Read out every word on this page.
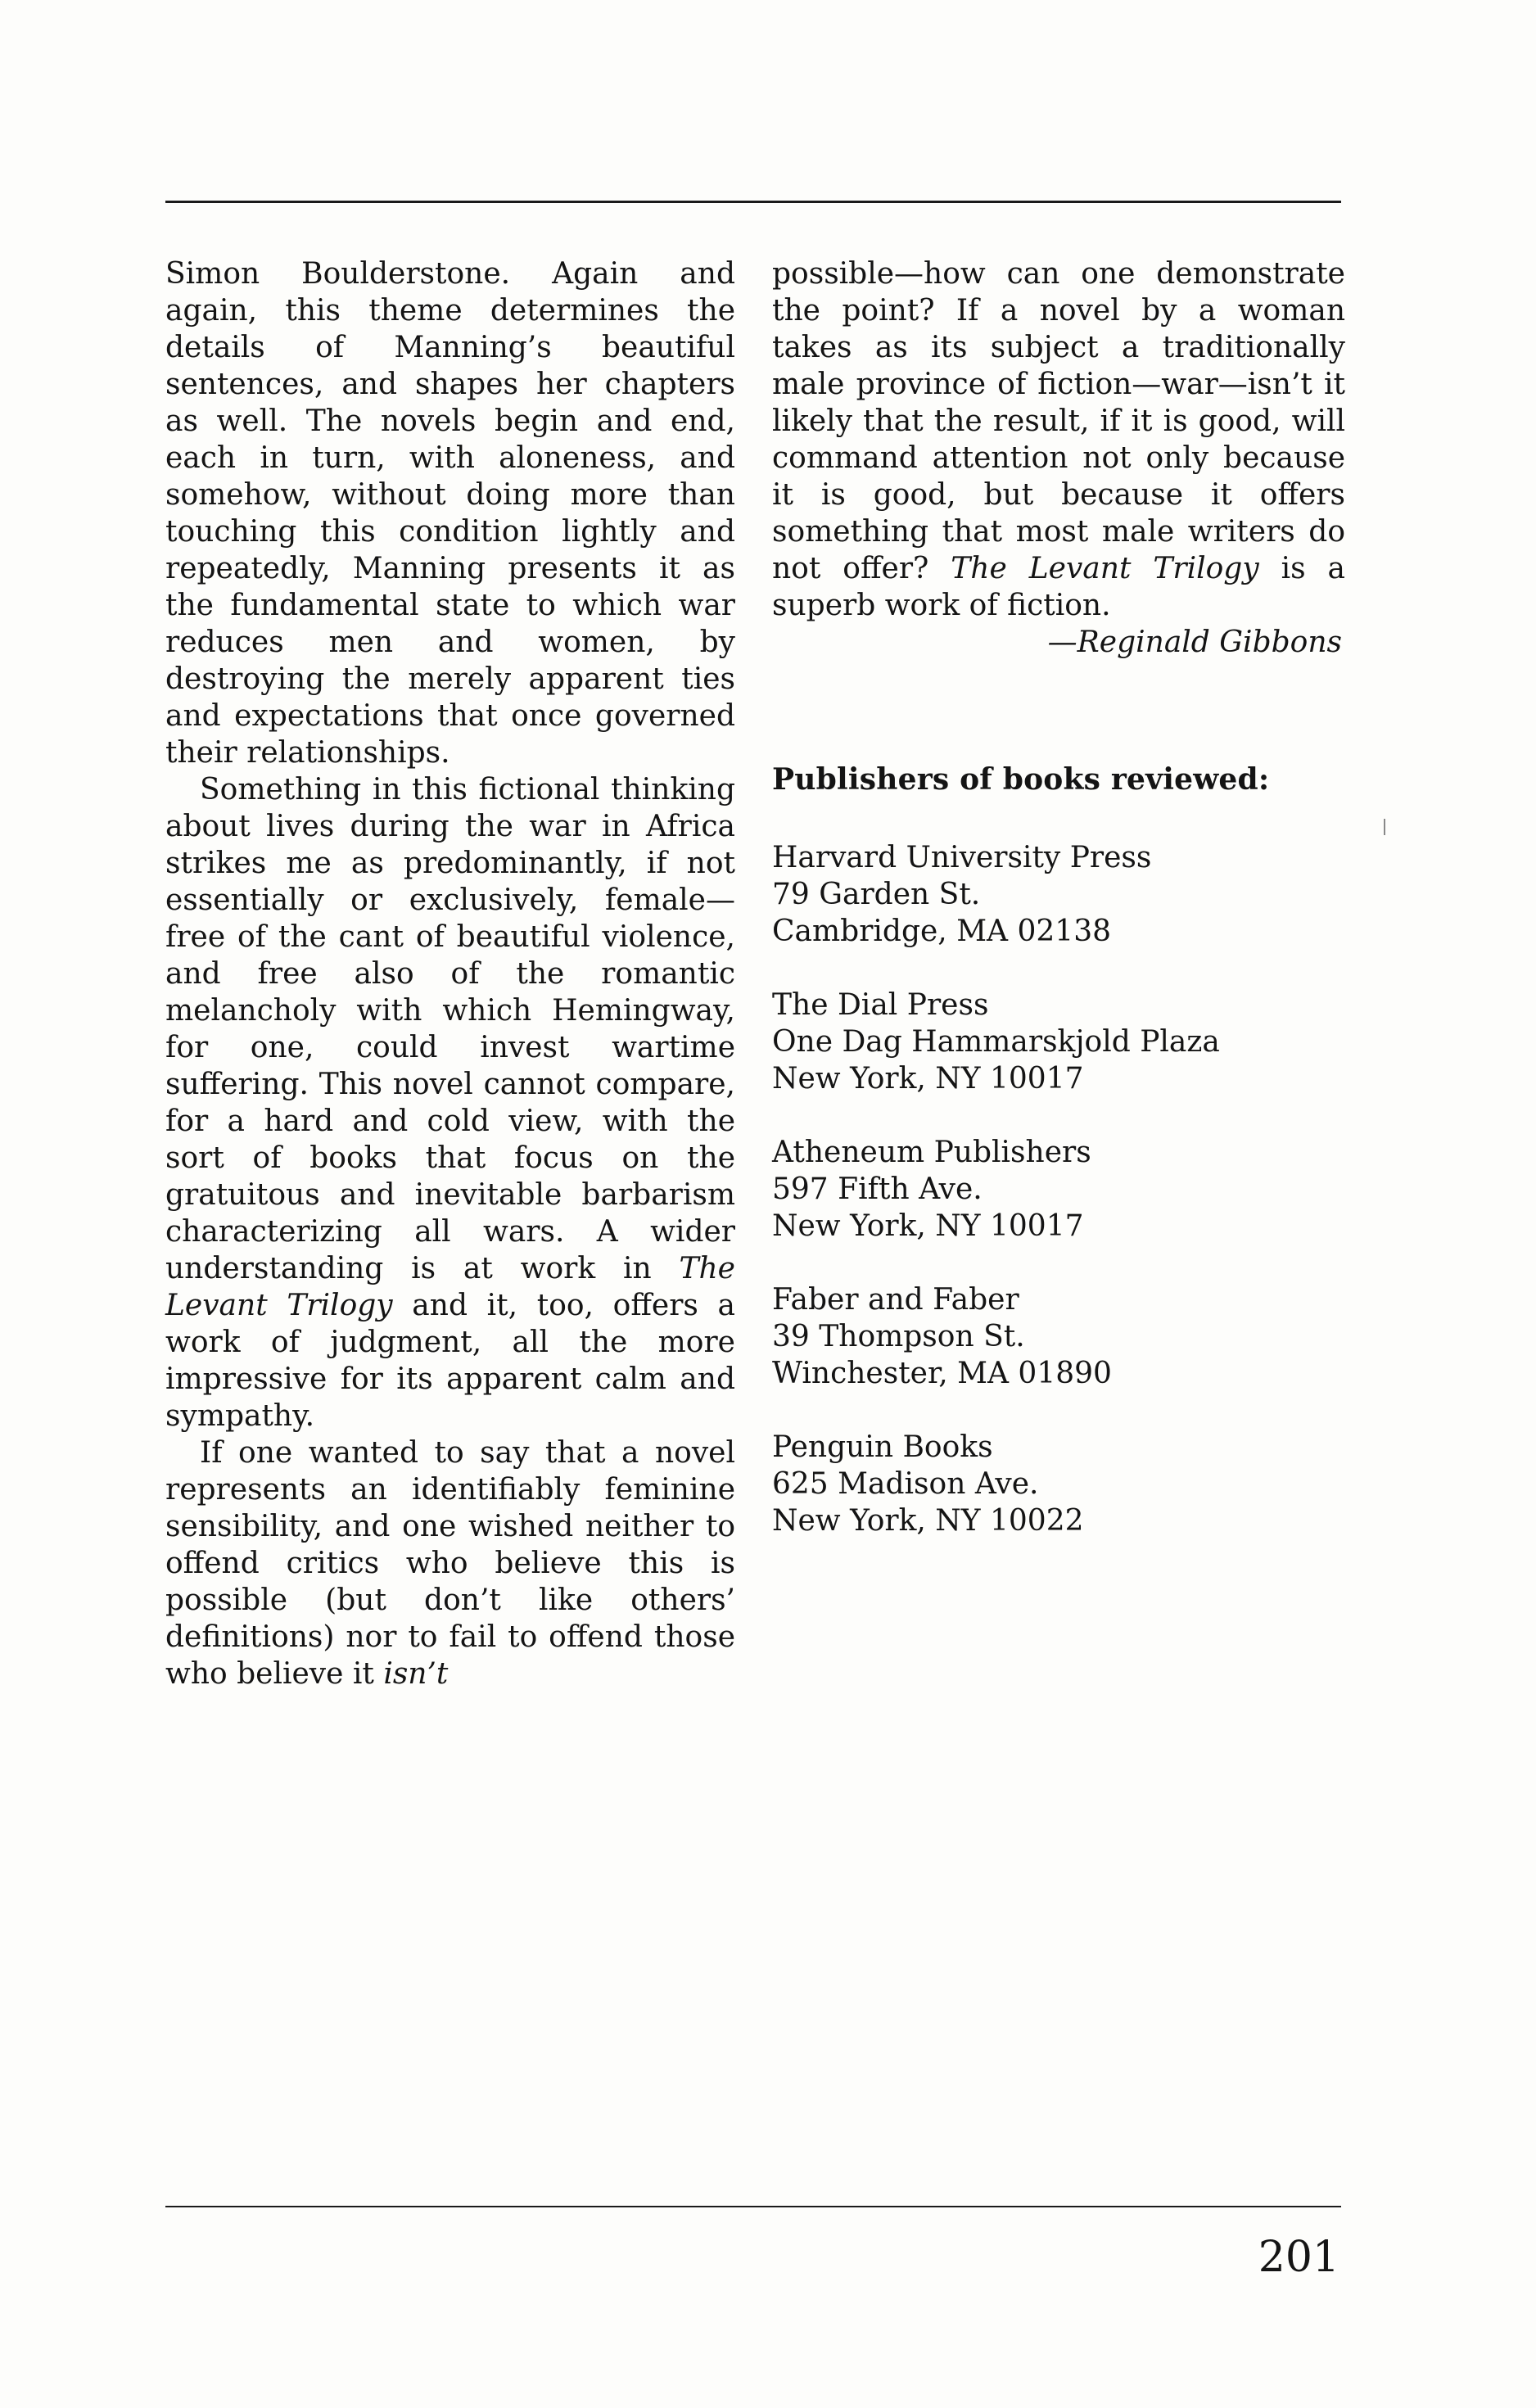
Simon Boulderstone. Again and again, this theme determines the details of Manning’s beautiful sentences, and shapes her chapters as well. The novels begin and end, each in turn, with aloneness, and somehow, without doing more than touching this condition lightly and repeatedly, Manning presents it as the fundamental state to which war reduces men and women, by destroying the merely apparent ties and expectations that once governed their relationships.

Something in this fictional thinking about lives during the war in Africa strikes me as predominantly, if not essentially or exclusively, female—free of the cant of beautiful violence, and free also of the romantic melancholy with which Hemingway, for one, could invest wartime suffering. This novel cannot compare, for a hard and cold view, with the sort of books that focus on the gratuitous and inevitable barbarism characterizing all wars. A wider understanding is at work in The Levant Trilogy and it, too, offers a work of judgment, all the more impressive for its apparent calm and sympathy.

If one wanted to say that a novel represents an identifiably feminine sensibility, and one wished neither to offend critics who believe this is possible (but don’t like others’ definitions) nor to fail to offend those who believe it isn’t

possible—how can one demonstrate the point? If a novel by a woman takes as its subject a traditionally male province of fiction—war—isn’t it likely that the result, if it is good, will command attention not only because it is good, but because it offers something that most male writers do not offer? The Levant Trilogy is a superb work of fiction.

—Reginald Gibbons

Publishers of books reviewed:
Harvard University Press
79 Garden St.
Cambridge, MA 02138
The Dial Press
One Dag Hammarskjold Plaza
New York, NY 10017
Atheneum Publishers
597 Fifth Ave.
New York, NY 10017
Faber and Faber
39 Thompson St.
Winchester, MA 01890
Penguin Books
625 Madison Ave.
New York, NY 10022
201
